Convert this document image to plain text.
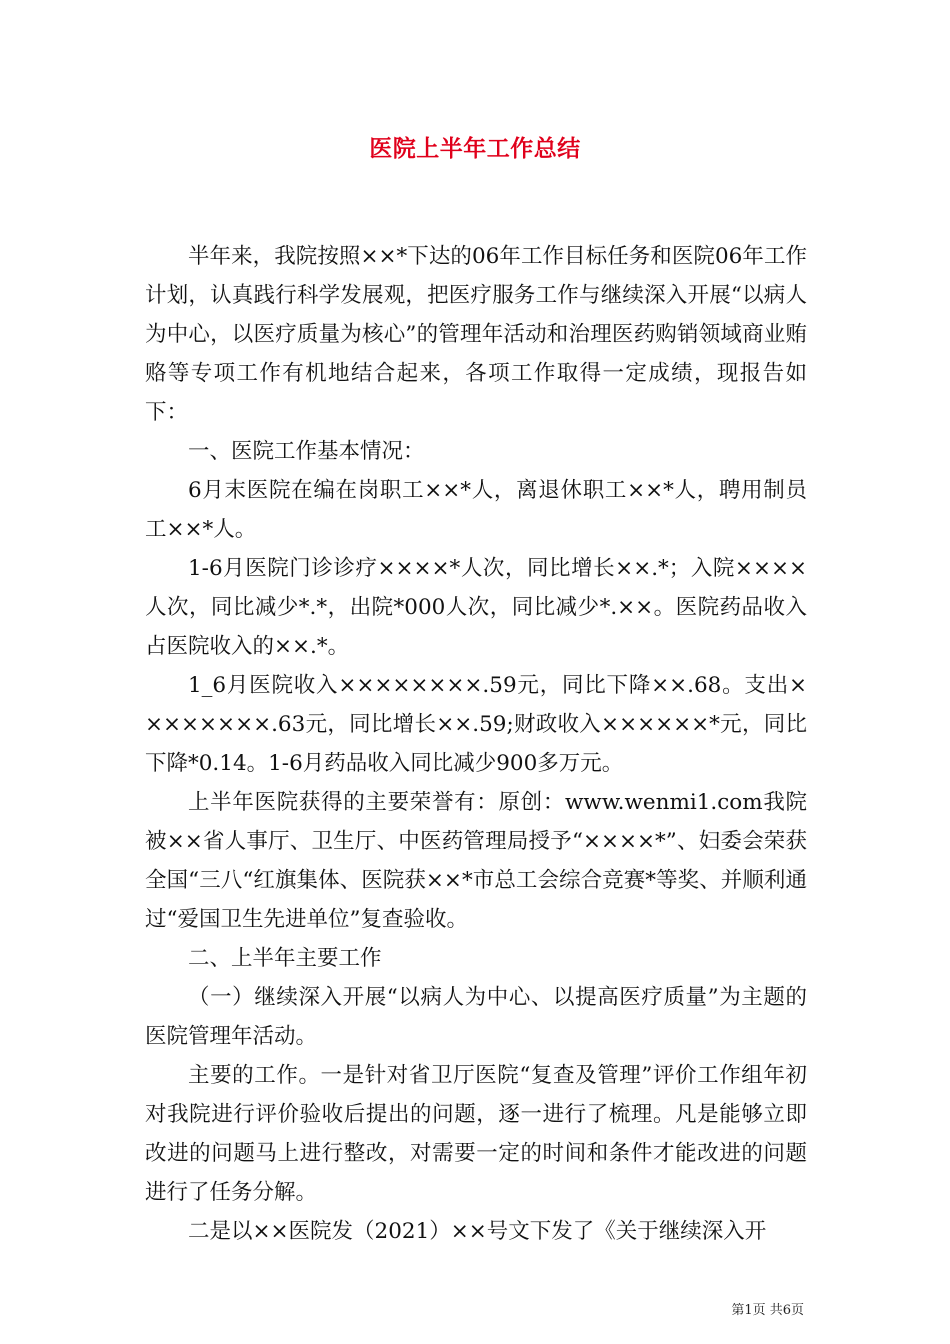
医院上半年工作总结

半年来，我院按照××*下达的06年工作目标任务和医院06年工作计划，认真践行科学发展观，把医疗服务工作与继续深入开展“以病人为中心，以医疗质量为核心”的管理年活动和治理医药购销领域商业贿赂等专项工作有机地结合起来，各项工作取得一定成绩，现报告如下：

一、医院工作基本情况：

6月末医院在编在岗职工××*人，离退休职工××*人，聘用制员工××*人。

1-6月医院门诊诊疗××××*人次，同比增长××.*；入院××××人次，同比减少*.*，出院*000人次，同比减少*.××。医院药品收入占医院收入的××.*。

1_6月医院收入××××××××.59元，同比下降××.68。支出××××××××.63元，同比增长××.59;财政收入××××××*元，同比下降*0.14。1-6月药品收入同比减少900多万元。

上半年医院获得的主要荣誉有：原创：www.wenmi1.com我院被××省人事厅、卫生厅、中医药管理局授予“××××*”、妇委会荣获全国“三八“红旗集体、医院获××*市总工会综合竞赛*等奖、并顺利通过“爱国卫生先进单位”复查验收。

二、上半年主要工作

（一）继续深入开展“以病人为中心、以提高医疗质量”为主题的医院管理年活动。

主要的工作。一是针对省卫厅医院“复查及管理”评价工作组年初对我院进行评价验收后提出的问题，逐一进行了梳理。凡是能够立即改进的问题马上进行整改，对需要一定的时间和条件才能改进的问题进行了任务分解。

二是以××医院发（2021）××号文下发了《关于继续深入开

第1页 共6页
